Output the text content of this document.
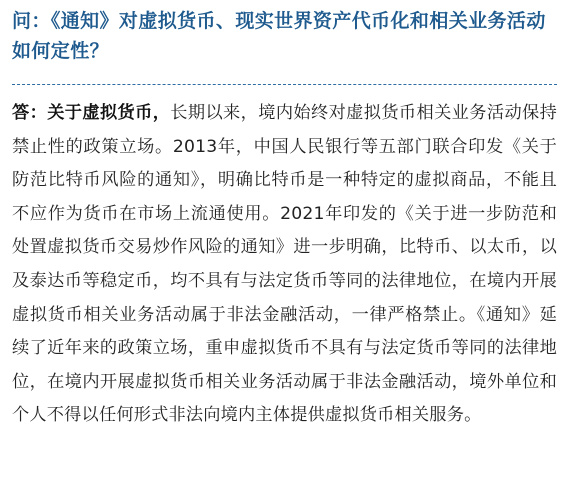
问：《通知》对虚拟货币、现实世界资产代币化和相关业务活动如何定性？

答：关于虚拟货币，长期以来，境内始终对虚拟货币相关业务活动保持禁止性的政策立场。2013年，中国人民银行等五部门联合印发《关于防范比特币风险的通知》，明确比特币是一种特定的虚拟商品，不能且不应作为货币在市场上流通使用。2021年印发的《关于进一步防范和处置虚拟货币交易炒作风险的通知》进一步明确，比特币、以太币，以及泰达币等稳定币，均不具有与法定货币等同的法律地位，在境内开展虚拟货币相关业务活动属于非法金融活动，一律严格禁止。《通知》延续了近年来的政策立场，重申虚拟货币不具有与法定货币等同的法律地位，在境内开展虚拟货币相关业务活动属于非法金融活动，境外单位和个人不得以任何形式非法向境内主体提供虚拟货币相关服务。
